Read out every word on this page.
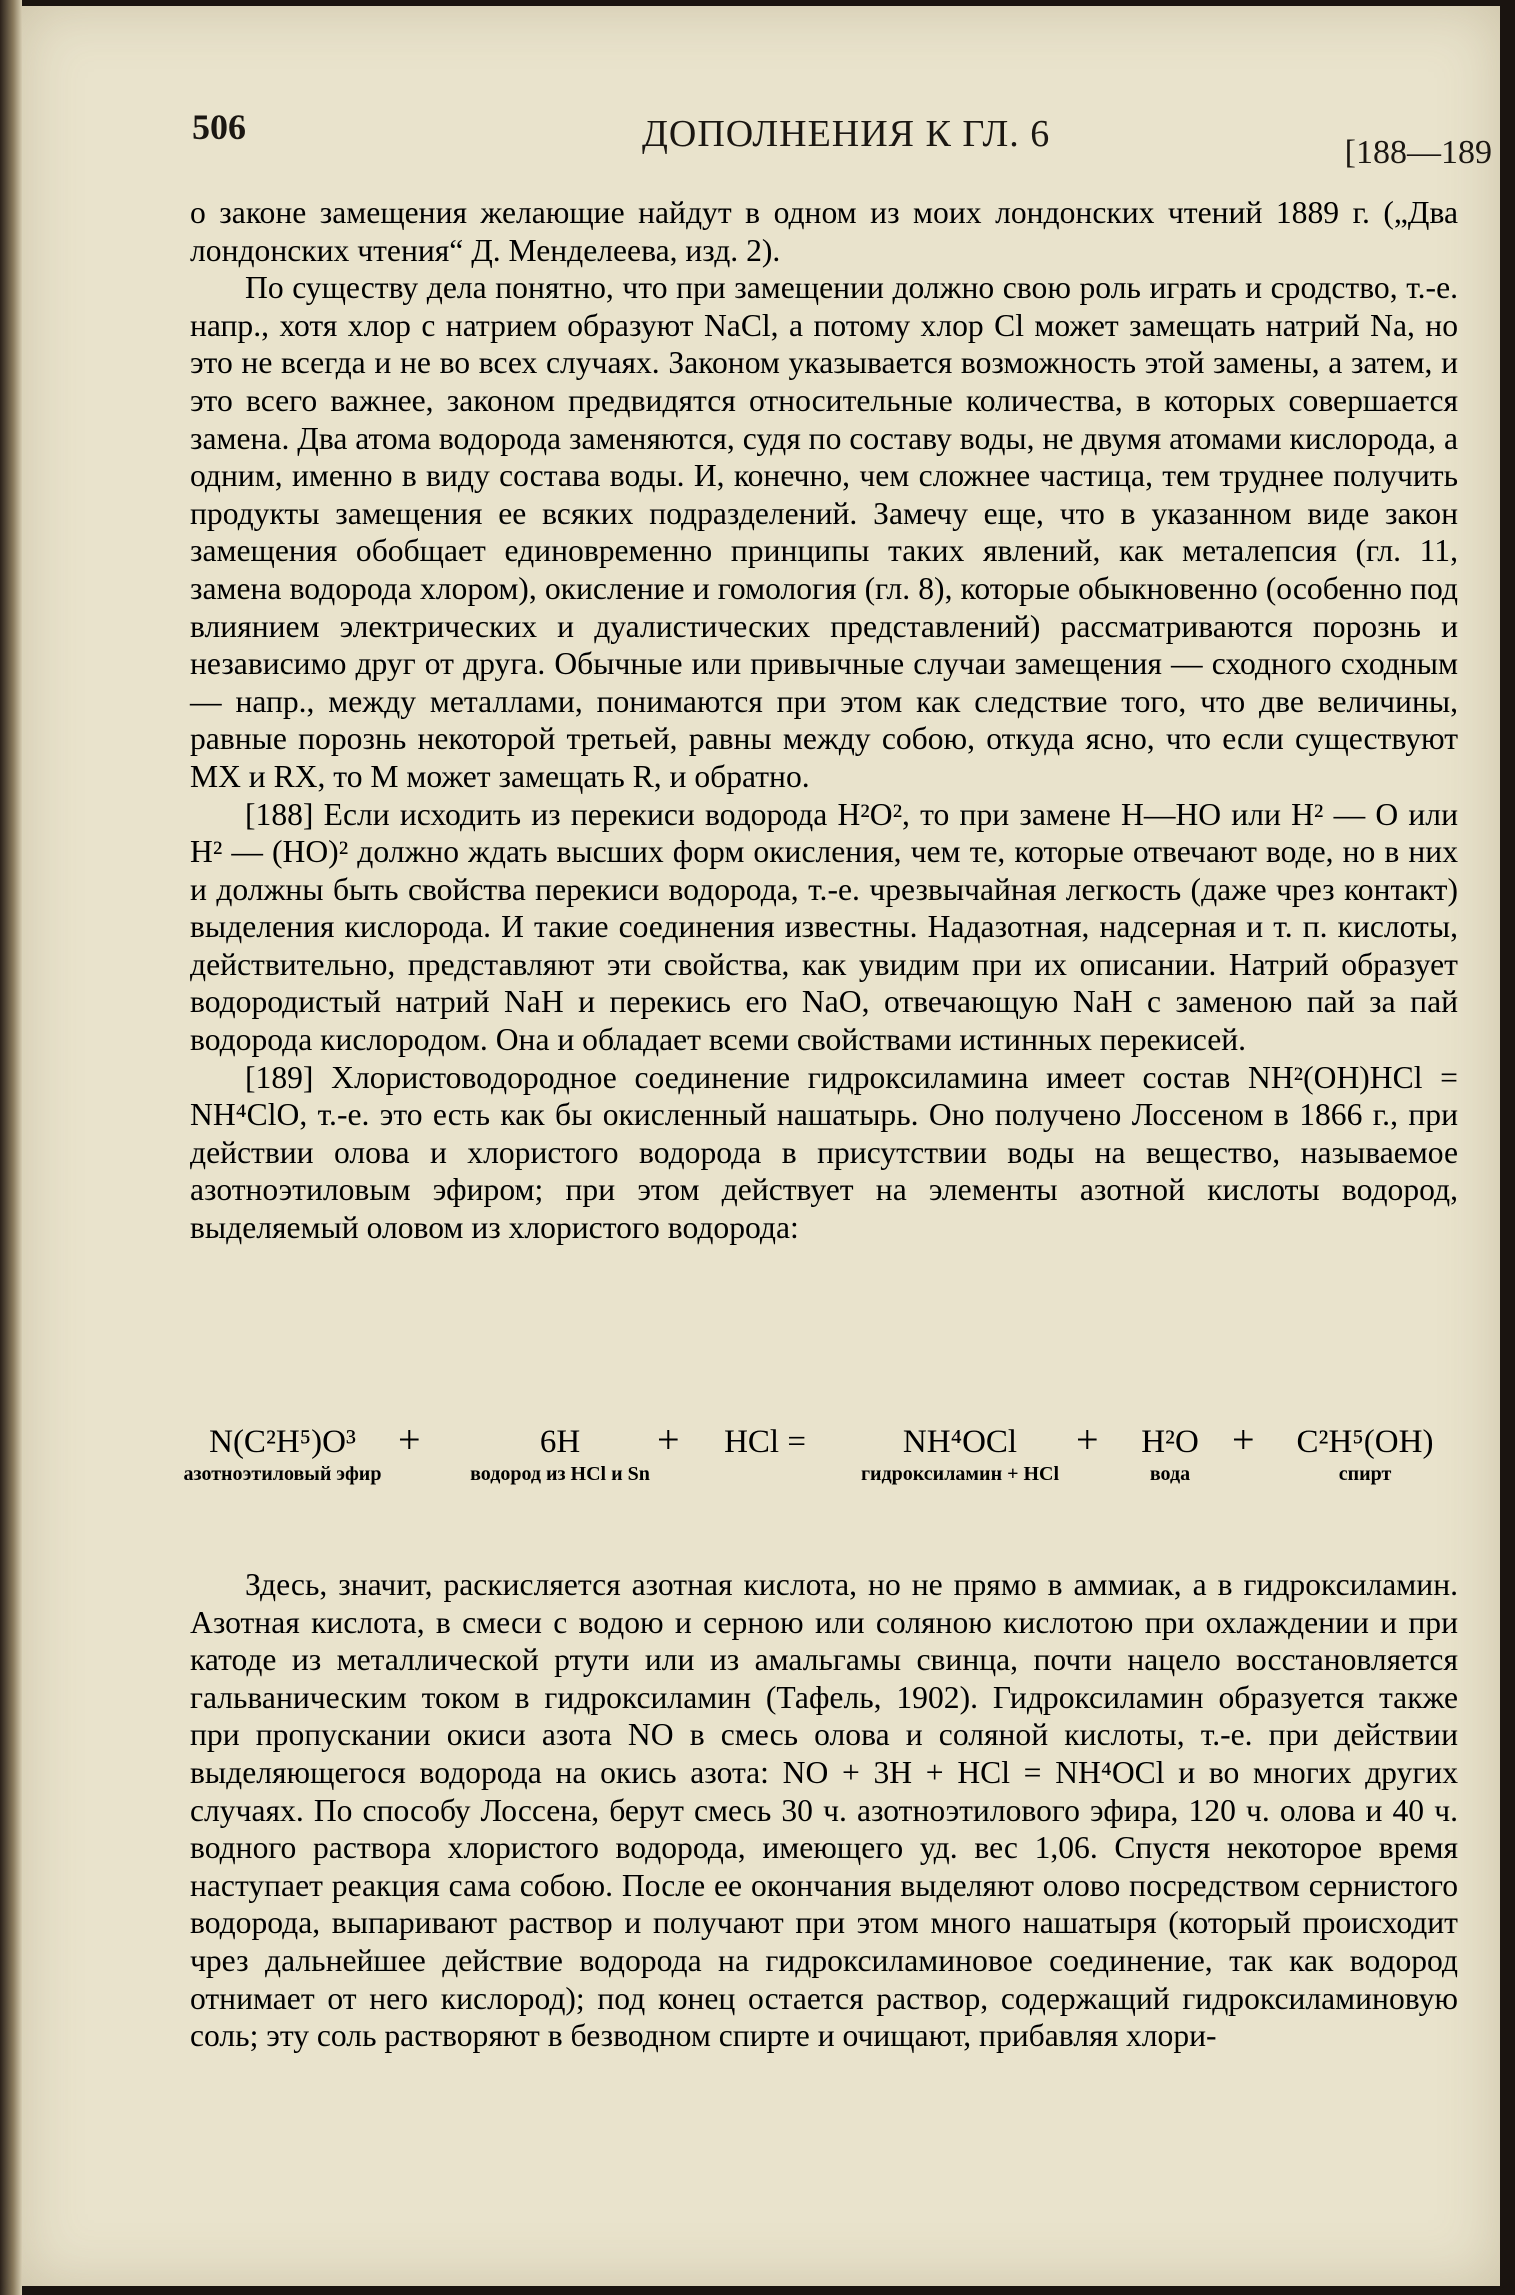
506	ДОПОЛНЕНИЯ К ГЛ. 6	[188—189

о законе замещения желающие найдут в одном из моих лондонских чтений 1889 г. („Два лондонских чтения“ Д. Менделеева, изд. 2).

По существу дела понятно, что при замещении должно свою роль играть и сродство, т.-е. напр., хотя хлор с натрием образуют NaCl, а потому хлор Cl может замещать натрий Na, но это не всегда и не во всех случаях. Законом указывается возможность этой замены, а затем, и это всего важнее, законом предвидятся относительные количества, в которых совершается замена. Два атома водорода заменяются, судя по составу воды, не двумя атомами кислорода, а одним, именно в виду состава воды. И, конечно, чем сложнее частица, тем труднее получить продукты замещения ее всяких подразделений. Замечу еще, что в указанном виде закон замещения обобщает единовременно принципы таких явлений, как металепсия (гл. 11, замена водорода хлором), окисление и гомология (гл. 8), которые обыкновенно (особенно под влиянием электрических и дуалистических представлений) рассматриваются порознь и независимо друг от друга. Обычные или привычные случаи замещения — сходного сходным — напр., между металлами, понимаются при этом как следствие того, что две величины, равные порознь некоторой третьей, равны между собою, откуда ясно, что если существуют MX и RX, то M может замещать R, и обратно.

[188] Если исходить из перекиси водорода H²O², то при замене H—HO или H² — O или H² — (HO)² должно ждать высших форм окисления, чем те, которые отвечают воде, но в них и должны быть свойства перекиси водорода, т.-е. чрезвычайная легкость (даже чрез контакт) выделения кислорода. И такие соединения известны. Надазотная, надсерная и т. п. кислоты, действительно, представляют эти свойства, как увидим при их описании. Натрий образует водородистый натрий NaH и перекись его NaO, отвечающую NaH с заменою пай за пай водорода кислородом. Она и обладает всеми свойствами истинных перекисей.

[189] Хлористоводородное соединение гидроксиламина имеет состав NH²(OH)HCl = NH⁴ClO, т.-е. это есть как бы окисленный нашатырь. Оно получено Лоссеном в 1866 г., при действии олова и хлористого водорода в присутствии воды на вещество, называемое азотноэтиловым эфиром; при этом действует на элементы азотной кислоты водород, выделяемый оловом из хлористого водорода:

N(C²H⁵)O³
азотноэтиловый эфир
+	6H
водород из HCl и Sn
+	HCl =	NH⁴OCl
гидроксиламин + HCl
+	H²O
вода
+	C²H⁵(OH)
спирт

Здесь, значит, раскисляется азотная кислота, но не прямо в аммиак, а в гидроксиламин. Азотная кислота, в смеси с водою и серною или соляною кислотою при охлаждении и при катоде из металлической ртути или из амальгамы свинца, почти нацело восстановляется гальваническим током в гидроксиламин (Тафель, 1902). Гидроксиламин образуется также при пропускании окиси азота NO в смесь олова и соляной кислоты, т.-е. при действии выделяющегося водорода на окись азота: NO + 3H + HCl = NH⁴OCl и во многих других случаях. По способу Лоссена, берут смесь 30 ч. азотноэтилового эфира, 120 ч. олова и 40 ч. водного раствора хлористого водорода, имеющего уд. вес 1,06. Спустя некоторое время наступает реакция сама собою. После ее окончания выделяют олово посредством сернистого водорода, выпаривают раствор и получают при этом много нашатыря (который происходит чрез дальнейшее действие водорода на гидроксиламиновое соединение, так как водород отнимает от него кислород); под конец остается раствор, содержащий гидроксиламиновую соль; эту соль растворяют в безводном спирте и очищают, прибавляя хлори-
